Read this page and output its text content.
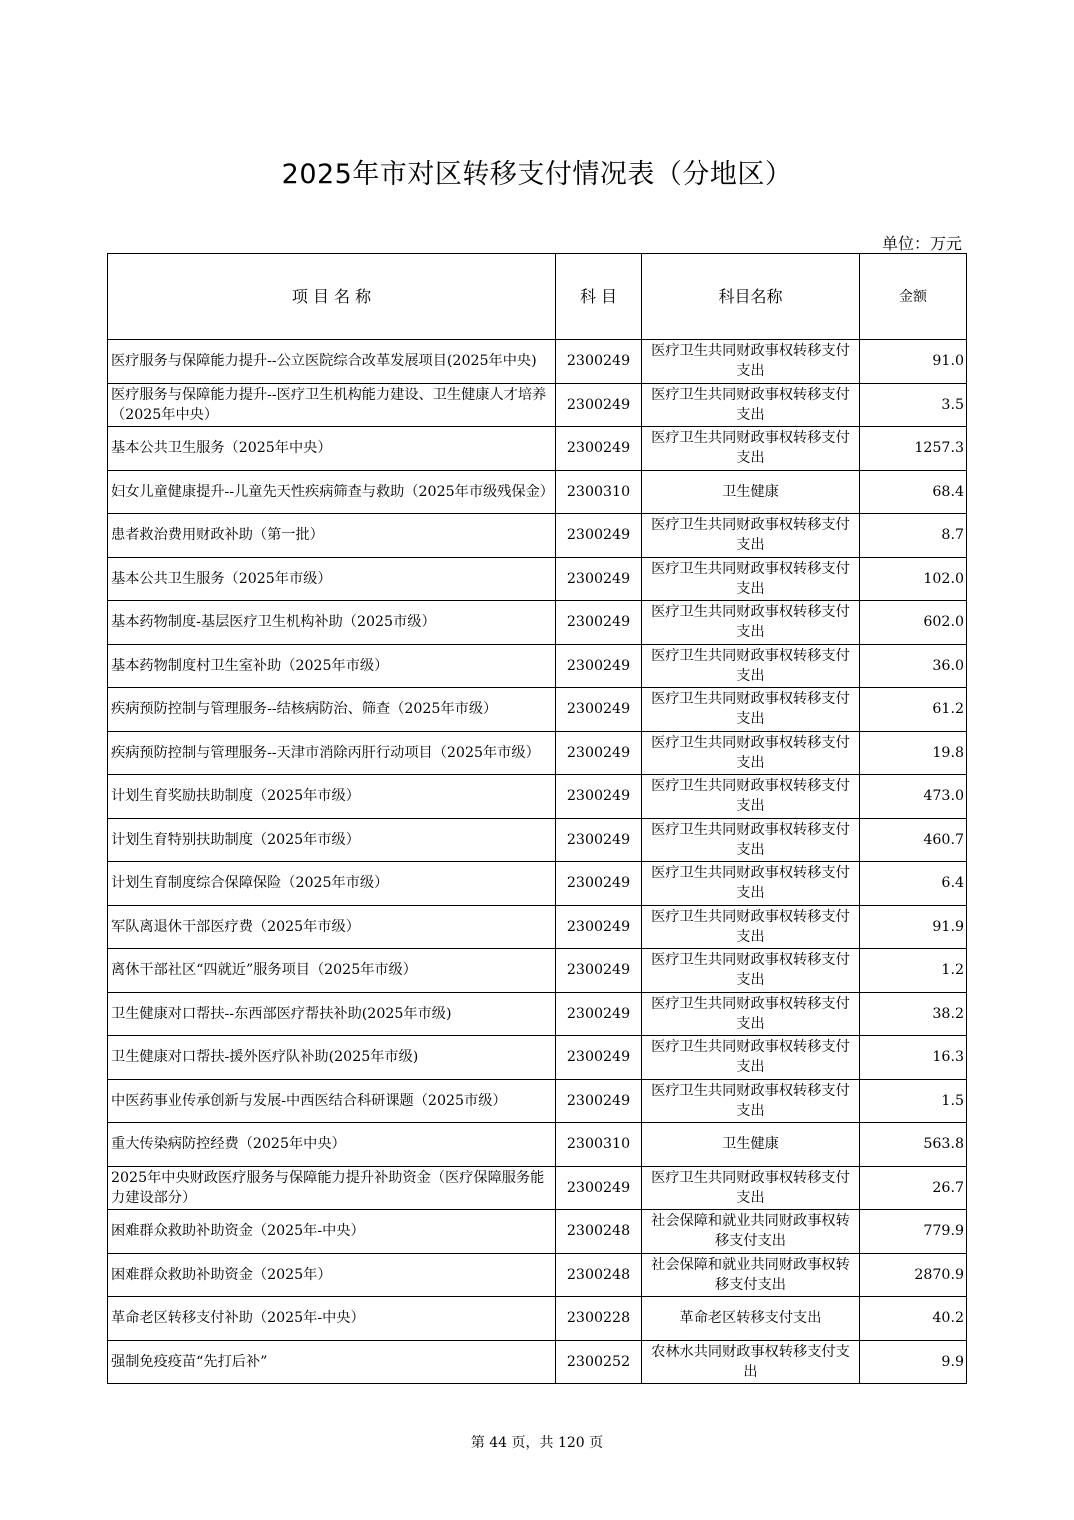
2025年市对区转移支付情况表（分地区）
单位：万元
项 目 名 称	科 目	科目名称	金额
医疗服务与保障能力提升--公立医院综合改革发展项目(2025年中央)	2300249	医疗卫生共同财政事权转移支付支出	91.0
医疗服务与保障能力提升--医疗卫生机构能力建设、卫生健康人才培养（2025年中央）	2300249	医疗卫生共同财政事权转移支付支出	3.5
基本公共卫生服务（2025年中央）	2300249	医疗卫生共同财政事权转移支付支出	1257.3
妇女儿童健康提升--儿童先天性疾病筛查与救助（2025年市级残保金）	2300310	卫生健康	68.4
患者救治费用财政补助（第一批）	2300249	医疗卫生共同财政事权转移支付支出	8.7
基本公共卫生服务（2025年市级）	2300249	医疗卫生共同财政事权转移支付支出	102.0
基本药物制度-基层医疗卫生机构补助（2025市级）	2300249	医疗卫生共同财政事权转移支付支出	602.0
基本药物制度村卫生室补助（2025年市级）	2300249	医疗卫生共同财政事权转移支付支出	36.0
疾病预防控制与管理服务--结核病防治、筛查（2025年市级）	2300249	医疗卫生共同财政事权转移支付支出	61.2
疾病预防控制与管理服务--天津市消除丙肝行动项目（2025年市级）	2300249	医疗卫生共同财政事权转移支付支出	19.8
计划生育奖励扶助制度（2025年市级）	2300249	医疗卫生共同财政事权转移支付支出	473.0
计划生育特别扶助制度（2025年市级）	2300249	医疗卫生共同财政事权转移支付支出	460.7
计划生育制度综合保障保险（2025年市级）	2300249	医疗卫生共同财政事权转移支付支出	6.4
军队离退休干部医疗费（2025年市级）	2300249	医疗卫生共同财政事权转移支付支出	91.9
离休干部社区“四就近”服务项目（2025年市级）	2300249	医疗卫生共同财政事权转移支付支出	1.2
卫生健康对口帮扶--东西部医疗帮扶补助(2025年市级)	2300249	医疗卫生共同财政事权转移支付支出	38.2
卫生健康对口帮扶-援外医疗队补助(2025年市级)	2300249	医疗卫生共同财政事权转移支付支出	16.3
中医药事业传承创新与发展-中西医结合科研课题（2025市级）	2300249	医疗卫生共同财政事权转移支付支出	1.5
重大传染病防控经费（2025年中央）	2300310	卫生健康	563.8
2025年中央财政医疗服务与保障能力提升补助资金（医疗保障服务能力建设部分）	2300249	医疗卫生共同财政事权转移支付支出	26.7
困难群众救助补助资金（2025年-中央）	2300248	社会保障和就业共同财政事权转移支付支出	779.9
困难群众救助补助资金（2025年）	2300248	社会保障和就业共同财政事权转移支付支出	2870.9
革命老区转移支付补助（2025年-中央）	2300228	革命老区转移支付支出	40.2
强制免疫疫苗“先打后补”	2300252	农林水共同财政事权转移支付支出	9.9
第 44 页，共 120 页
